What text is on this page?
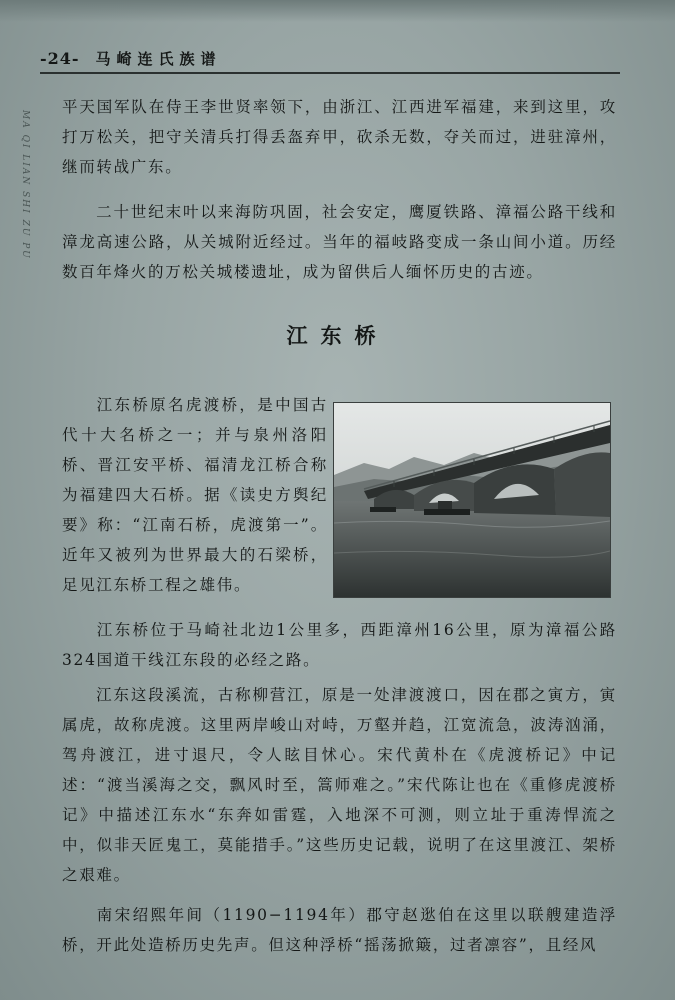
-24- 马崎连氏族谱
MA QI LIAN SHI ZU PU

平天国军队在侍王李世贤率领下，由浙江、江西进军福建，来到这里，攻打万松关，把守关清兵打得丢盔弃甲，砍杀无数，夺关而过，进驻漳州，继而转战广东。

二十世纪末叶以来海防巩固，社会安定，鹰厦铁路、漳福公路干线和漳龙高速公路，从关城附近经过。当年的福岐路变成一条山间小道。历经数百年烽火的万松关城楼遗址，成为留供后人缅怀历史的古迹。

江东桥

江东桥原名虎渡桥，是中国古代十大名桥之一；并与泉州洛阳桥、晋江安平桥、福清龙江桥合称为福建四大石桥。据《读史方舆纪要》称：“江南石桥，虎渡第一”。近年又被列为世界最大的石梁桥，足见江东桥工程之雄伟。

江东桥位于马崎社北边1公里多，西距漳州16公里，原为漳福公路324国道干线江东段的必经之路。

江东这段溪流，古称柳营江，原是一处津渡渡口，因在郡之寅方，寅属虎，故称虎渡。这里两岸峻山对峙，万壑并趋，江宽流急，波涛汹涌，驾舟渡江，进寸退尺，令人眩目怵心。宋代黄朴在《虎渡桥记》中记述：“渡当溪海之交，飘风时至，篙师难之。”宋代陈让也在《重修虎渡桥记》中描述江东水“东奔如雷霆，入地深不可测，则立址于重涛悍流之中，似非天匠鬼工，莫能措手。”这些历史记载，说明了在这里渡江、架桥之艰难。

南宋绍熙年间（1190−1194年）郡守赵逖伯在这里以联艘建造浮桥，开此处造桥历史先声。但这种浮桥“摇荡掀簸，过者凛容”，且经风
